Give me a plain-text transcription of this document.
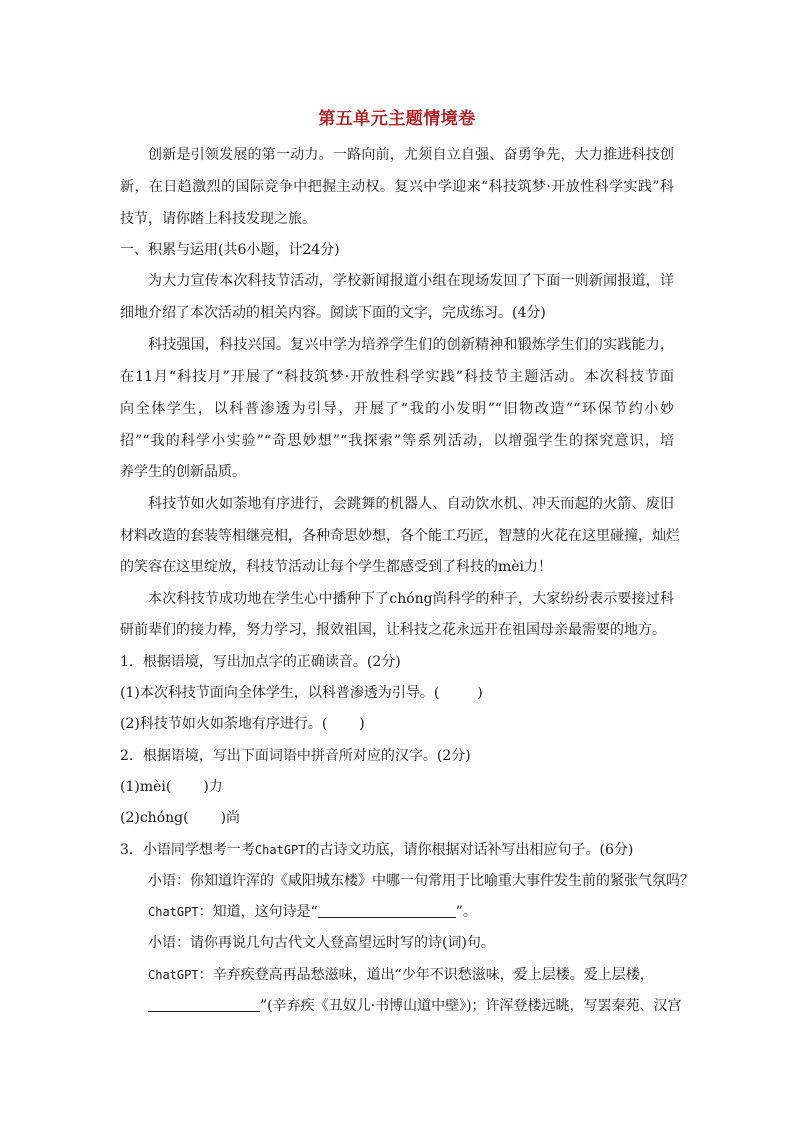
第五单元主题情境卷
创新是引领发展的第一动力。一路向前，尤须自立自强、奋勇争先，大力推进科技创
新，在日趋激烈的国际竞争中把握主动权。复兴中学迎来“科技筑梦·开放性科学实践”科
技节，请你踏上科技发现之旅。
一、积累与运用(共6小题，计24分)
为大力宣传本次科技节活动，学校新闻报道小组在现场发回了下面一则新闻报道，详
细地介绍了本次活动的相关内容。阅读下面的文字，完成练习。(4分)
科技强国，科技兴国。复兴中学为培养学生们的创新精神和锻炼学生们的实践能力，
在11月“科技月”开展了“科技筑梦·开放性科学实践”科技节主题活动。本次科技节面
向全体学生，以科普渗透为引导，开展了“我的小发明”“旧物改造”“环保节约小妙
招”“我的科学小实验”“奇思妙想”“我探索”等系列活动，以增强学生的探究意识，培
养学生的创新品质。
科技节如火如荼地有序进行，会跳舞的机器人、自动饮水机、冲天而起的火箭、废旧
材料改造的套装等相继亮相，各种奇思妙想，各个能工巧匠，智慧的火花在这里碰撞，灿烂
的笑容在这里绽放，科技节活动让每个学生都感受到了科技的mèi力！
本次科技节成功地在学生心中播种下了chóng尚科学的种子，大家纷纷表示要接过科
研前辈们的接力棒，努力学习，报效祖国，让科技之花永远开在祖国母亲最需要的地方。
1．根据语境，写出加点字的正确读音。(2分)
(1)本次科技节面向全体学生，以科普渗透为引导。(	)
(2)科技节如火如荼地有序进行。( )
2．根据语境，写出下面词语中拼音所对应的汉字。(2分)
(1)mèi( )力
(2)chóng( )尚
3．小语同学想考一考ChatGPT的古诗文功底，请你根据对话补写出相应句子。(6分)
小语：你知道许浑的《咸阳城东楼》中哪一句常用于比喻重大事件发生前的紧张气氛吗？
ChatGPT：知道，这句诗是“	”。
小语：请你再说几句古代文人登高望远时写的诗(词)句。
ChatGPT：辛弃疾登高再品愁滋味，道出“少年不识愁滋味，爱上层楼。爱上层楼，
”(辛弃疾《丑奴儿·书博山道中壁》)；许浑登楼远眺，写罢秦苑、汉宫
